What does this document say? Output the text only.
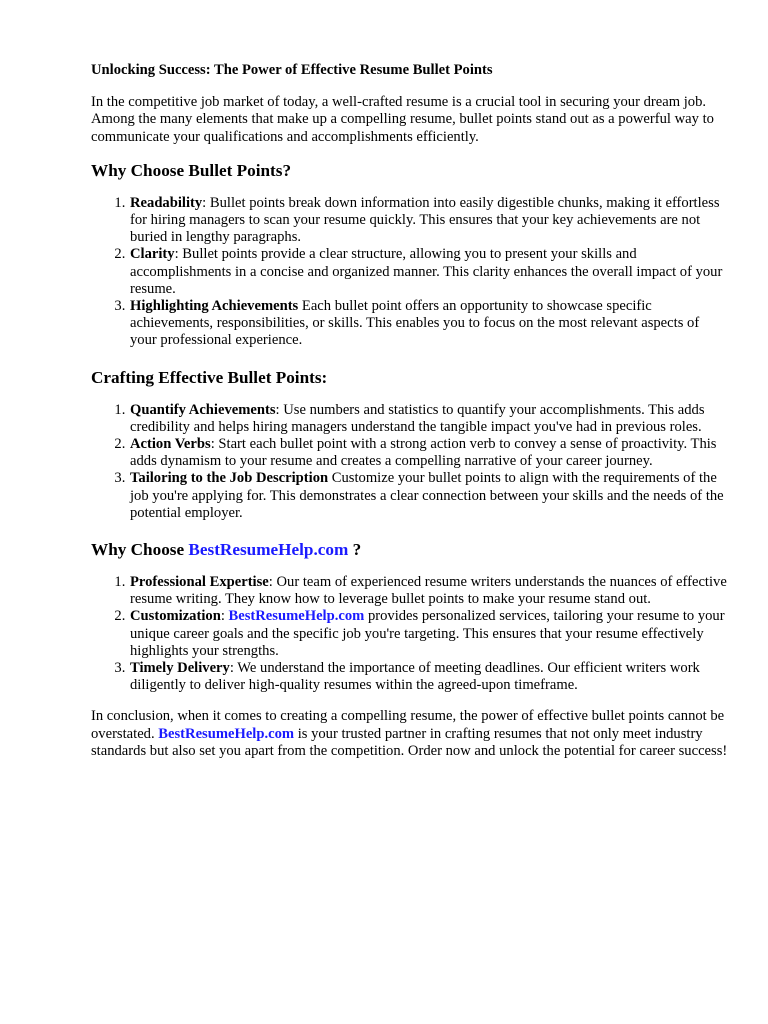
Unlocking Success: The Power of Effective Resume Bullet Points

In the competitive job market of today, a well-crafted resume is a crucial tool in securing your dream job. Among the many elements that make up a compelling resume, bullet points stand out as a powerful way to communicate your qualifications and accomplishments efficiently.

Why Choose Bullet Points?
1. Readability: Bullet points break down information into easily digestible chunks, making it effortless for hiring managers to scan your resume quickly. This ensures that your key achievements are not buried in lengthy paragraphs.
2. Clarity: Bullet points provide a clear structure, allowing you to present your skills and accomplishments in a concise and organized manner. This clarity enhances the overall impact of your resume.
3. Highlighting Achievements Each bullet point offers an opportunity to showcase specific achievements, responsibilities, or skills. This enables you to focus on the most relevant aspects of your professional experience.
Crafting Effective Bullet Points:
1. Quantify Achievements: Use numbers and statistics to quantify your accomplishments. This adds credibility and helps hiring managers understand the tangible impact you've had in previous roles.
2. Action Verbs: Start each bullet point with a strong action verb to convey a sense of proactivity. This adds dynamism to your resume and creates a compelling narrative of your career journey.
3. Tailoring to the Job Description Customize your bullet points to align with the requirements of the job you're applying for. This demonstrates a clear connection between your skills and the needs of the potential employer.
Why Choose BestResumeHelp.com ?
1. Professional Expertise: Our team of experienced resume writers understands the nuances of effective resume writing. They know how to leverage bullet points to make your resume stand out.
2. Customization: BestResumeHelp.com provides personalized services, tailoring your resume to your unique career goals and the specific job you're targeting. This ensures that your resume effectively highlights your strengths.
3. Timely Delivery: We understand the importance of meeting deadlines. Our efficient writers work diligently to deliver high-quality resumes within the agreed-upon timeframe.

In conclusion, when it comes to creating a compelling resume, the power of effective bullet points cannot be overstated. BestResumeHelp.com is your trusted partner in crafting resumes that not only meet industry standards but also set you apart from the competition. Order now and unlock the potential for career success!
